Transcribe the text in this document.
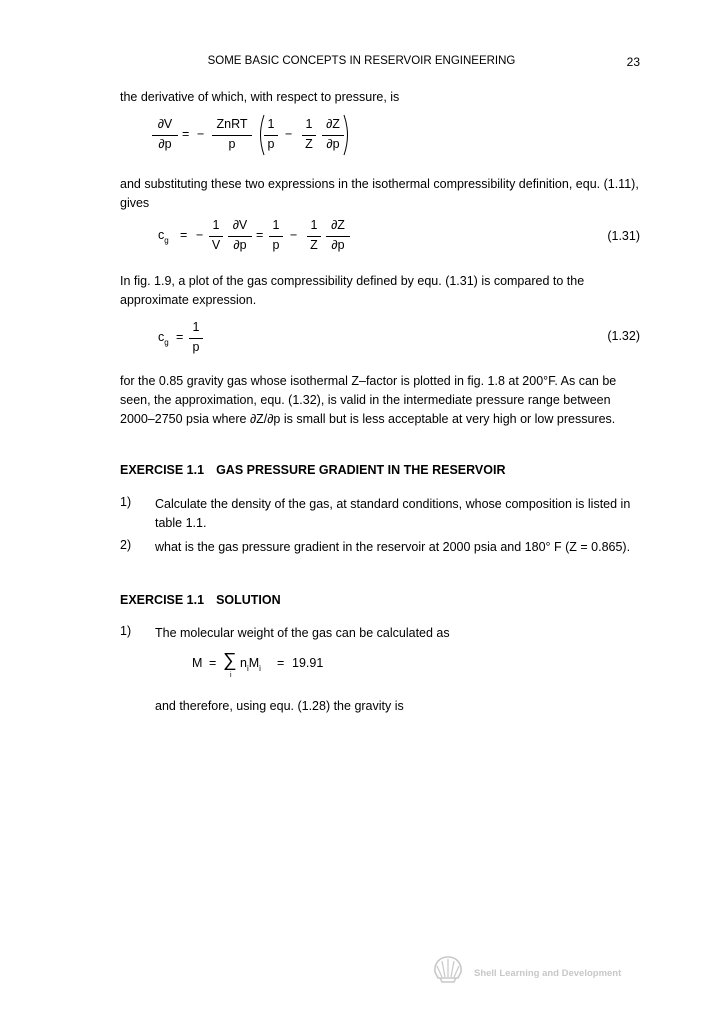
SOME BASIC CONCEPTS IN RESERVOIR ENGINEERING	23
the derivative of which, with respect to pressure, is
∂V
∂p
= −
ZnRT
p
1
p
−
1
Z
∂Z
∂p
and substituting these two expressions in the isothermal compressibility definition, equ. (1.11), gives
$c_g$ = −
1
V
∂V
∂p
=
1
p
−
1
Z
∂Z
∂p
(1.31)
In fig. 1.9, a plot of the gas compressibility defined by equ. (1.31) is compared to the approximate expression.
$c_g$ =
1
p
(1.32)
for the 0.85 gravity gas whose isothermal Z–factor is plotted in fig. 1.8 at 200°F. As can be seen, the approximation, equ. (1.32), is valid in the intermediate pressure range between 2000–2750 psia where ∂Z/∂p is small but is less acceptable at very high or low pressures.
EXERCISE 1.1 GAS PRESSURE GRADIENT IN THE RESERVOIR
1) Calculate the density of the gas, at standard conditions, whose composition is listed in table 1.1.
2) what is the gas pressure gradient in the reservoir at 2000 psia and 180° F (Z = 0.865).
EXERCISE 1.1 SOLUTION
1) The molecular weight of the gas can be calculated as
M = ∑
i
$n_iM_i = 19.91$
and therefore, using equ. (1.28) the gravity is
Shell Learning and Development
